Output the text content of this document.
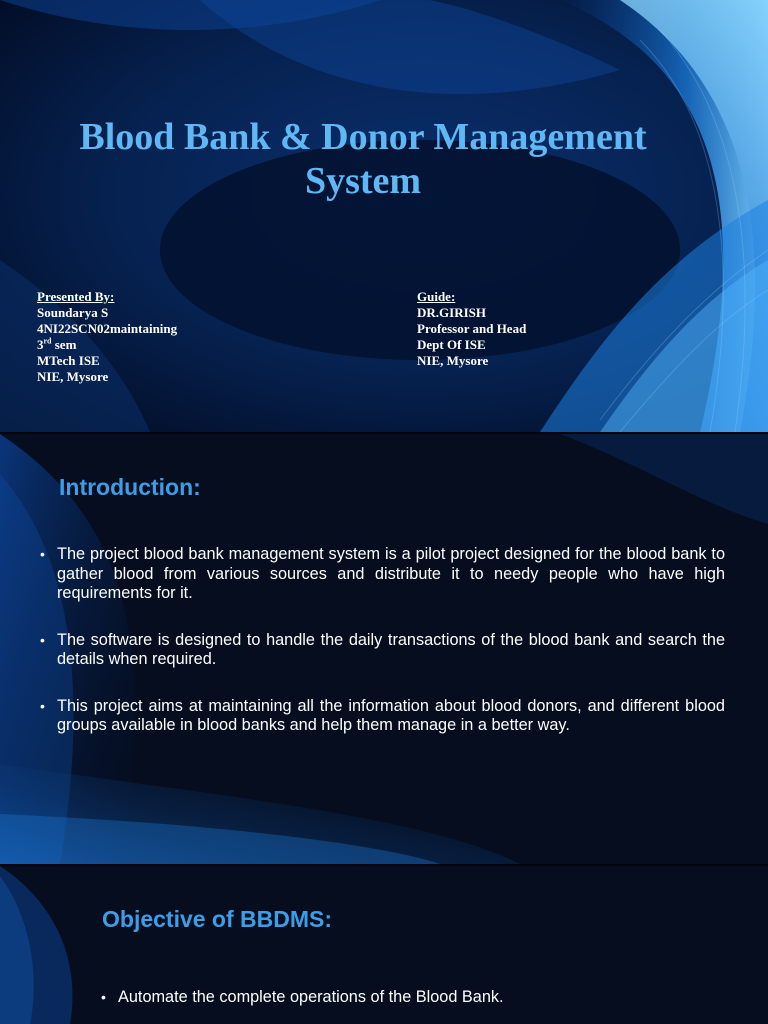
Blood Bank & Donor Management
System
Presented By:
Soundarya S
4NI22SCN02maintaining
3rd sem
MTech ISE
NIE, Mysore
Guide:
DR.GIRISH
Professor and Head
Dept Of ISE
NIE, Mysore
Introduction:
• The project blood bank management system is a pilot project designed for the blood bank to gather blood from various sources and distribute it to needy people who have high requirements for it.
• The software is designed to handle the daily transactions of the blood bank and search the details when required.
• This project aims at maintaining all the information about blood donors, and different blood groups available in blood banks and help them manage in a better way.
Objective of BBDMS:
• Automate the complete operations of the Blood Bank.
